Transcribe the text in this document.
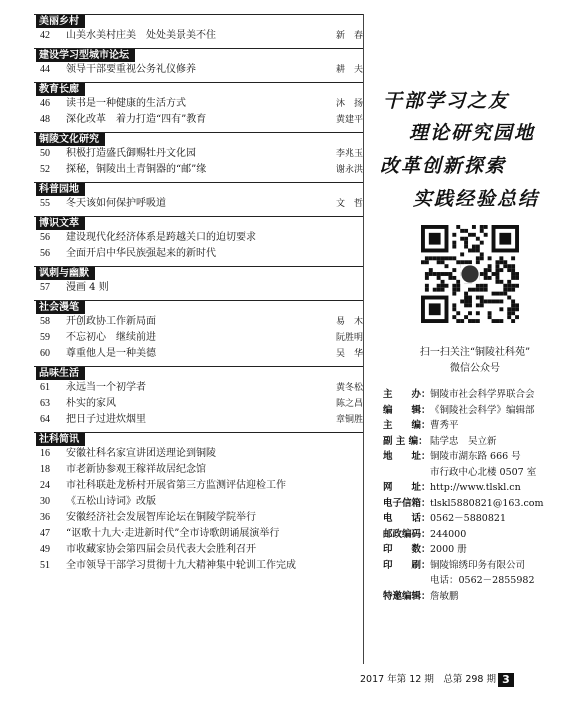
美丽乡村
42	山美水美村庄美　处处美景美不住	新　春
建设学习型城市论坛
44	领导干部要重视公务礼仪修养	耕　夫
教育长廊
46	读书是一种健康的生活方式	沐　扬
48	深化改革　着力打造“四有”教育	黄建平
铜陵文化研究
50	积极打造盛氏御赐牡丹文化园	李兆玉
52	探秘，铜陵出土青铜器的“邮”缘	谢永洪
科普园地
55	冬天该如何保护呼吸道	文　哲
博识文萃
56	建设现代化经济体系是跨越关口的迫切要求
56	全面开启中华民族强起来的新时代
讽刺与幽默
57	漫画 4 则
社会漫笔
58	开创政协工作新局面	易　木
59	不忘初心　继续前进	阮胜明
60	尊重他人是一种美德	吴　华
品味生活
61	永远当一个初学者	黄冬松
63	朴实的家风	陈之昌
64	把日子过进炊烟里	章铜胜
社科简讯
16	安徽社科名家宣讲团送理论到铜陵
18	市老新协参观王稼祥故居纪念馆
24	市社科联赴龙桥村开展省第三方监测评估迎检工作
30	《五松山诗词》改版
36	安徽经济社会发展智库论坛在铜陵学院举行
47	“讴歌十九大·走进新时代”全市诗歌朗诵展演举行
49	市收藏家协会第四届会员代表大会胜利召开
51	全市领导干部学习贯彻十九大精神集中轮训工作完成
干部学习之友
理论研究园地
改革创新探索
实践经验总结
扫一扫关注“铜陵社科苑”
微信公众号
主　　办： 铜陵市社会科学界联合会
编　　辑： 《铜陵社会科学》编辑部
主　　编： 曹秀平
副 主 编： 陆学忠　吴立新
地　　址： 铜陵市湖东路 666 号
市行政中心北楼 0507 室
网　　址： http://www.tlskl.cn
电子信箱： tlskl5880821@163.com
电　　话： 0562－5880821
邮政编码： 244000
印　　数： 2000 册
印　　刷： 铜陵锦绣印务有限公司
电话：0562－2855982
特邀编辑： 詹敏鹏
2017 年第 12 期　总第 298 期 3
